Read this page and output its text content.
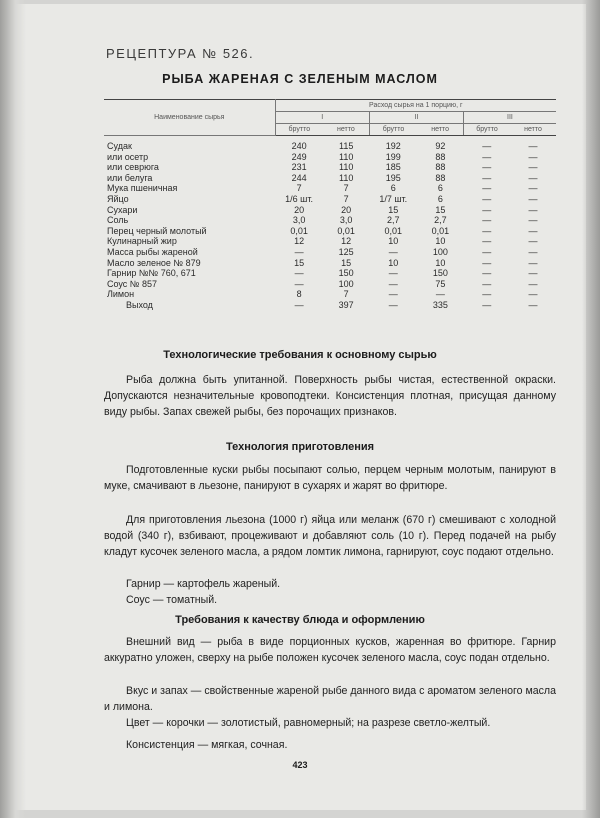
РЕЦЕПТУРА № 526.
РЫБА ЖАРЕНАЯ С ЗЕЛЕНЫМ МАСЛОМ
Наименование сырья	Расход сырья на 1 порцию, г					
	I		II		III	
	брутто	нетто	брутто	нетто	брутто	нетто
Судак	240	115	192	92	—	—
или осетр	249	110	199	88	—	—
или севрюга	231	110	185	88	—	—
или белуга	244	110	195	88	—	—
Мука пшеничная	7	7	6	6	—	—
Яйцо	1/6 шт.	7	1/7 шт.	6	—	—
Сухари	20	20	15	15	—	—
Соль	3,0	3,0	2,7	2,7	—	—
Перец черный молотый	0,01	0,01	0,01	0,01	—	—
Кулинарный жир	12	12	10	10	—	—
Масса рыбы жареной	—	125	—	100	—	—
Масло зеленое № 879	15	15	10	10	—	—
Гарнир №№ 760, 671	—	150	—	150	—	—
Соус № 857	—	100	—	75	—	—
Лимон	8	7	—	—	—	—
Выход	—	397	—	335	—	—
Технологические требования к основному сырью

Рыба должна быть упитанной. Поверхность рыбы чистая, естественной окраски. Допускаются незначительные кровоподтеки. Консистенция плотная, присущая данному виду рыбы. Запах свежей рыбы, без порочащих признаков.

Технология приготовления

Подготовленные куски рыбы посыпают солью, перцем черным молотым, панируют в муке, смачивают в льезоне, панируют в сухарях и жарят во фритюре.

Для приготовления льезона (1000 г) яйца или меланж (670 г) смешивают с холодной водой (340 г), взбивают, процеживают и добавляют соль (10 г). Перед подачей на рыбу кладут кусочек зеленого масла, а рядом ломтик лимона, гарнируют, соус подают отдельно.

Гарнир — картофель жареный.

Соус — томатный.

Требования к качеству блюда и оформлению

Внешний вид — рыба в виде порционных кусков, жаренная во фритюре. Гарнир аккуратно уложен, сверху на рыбе положен кусочек зеленого масла, соус подан отдельно.

Вкус и запах — свойственные жареной рыбе данного вида с ароматом зеленого масла и лимона.

Цвет — корочки — золотистый, равномерный; на разрезе светло-желтый.

Консистенция — мягкая, сочная.

423
